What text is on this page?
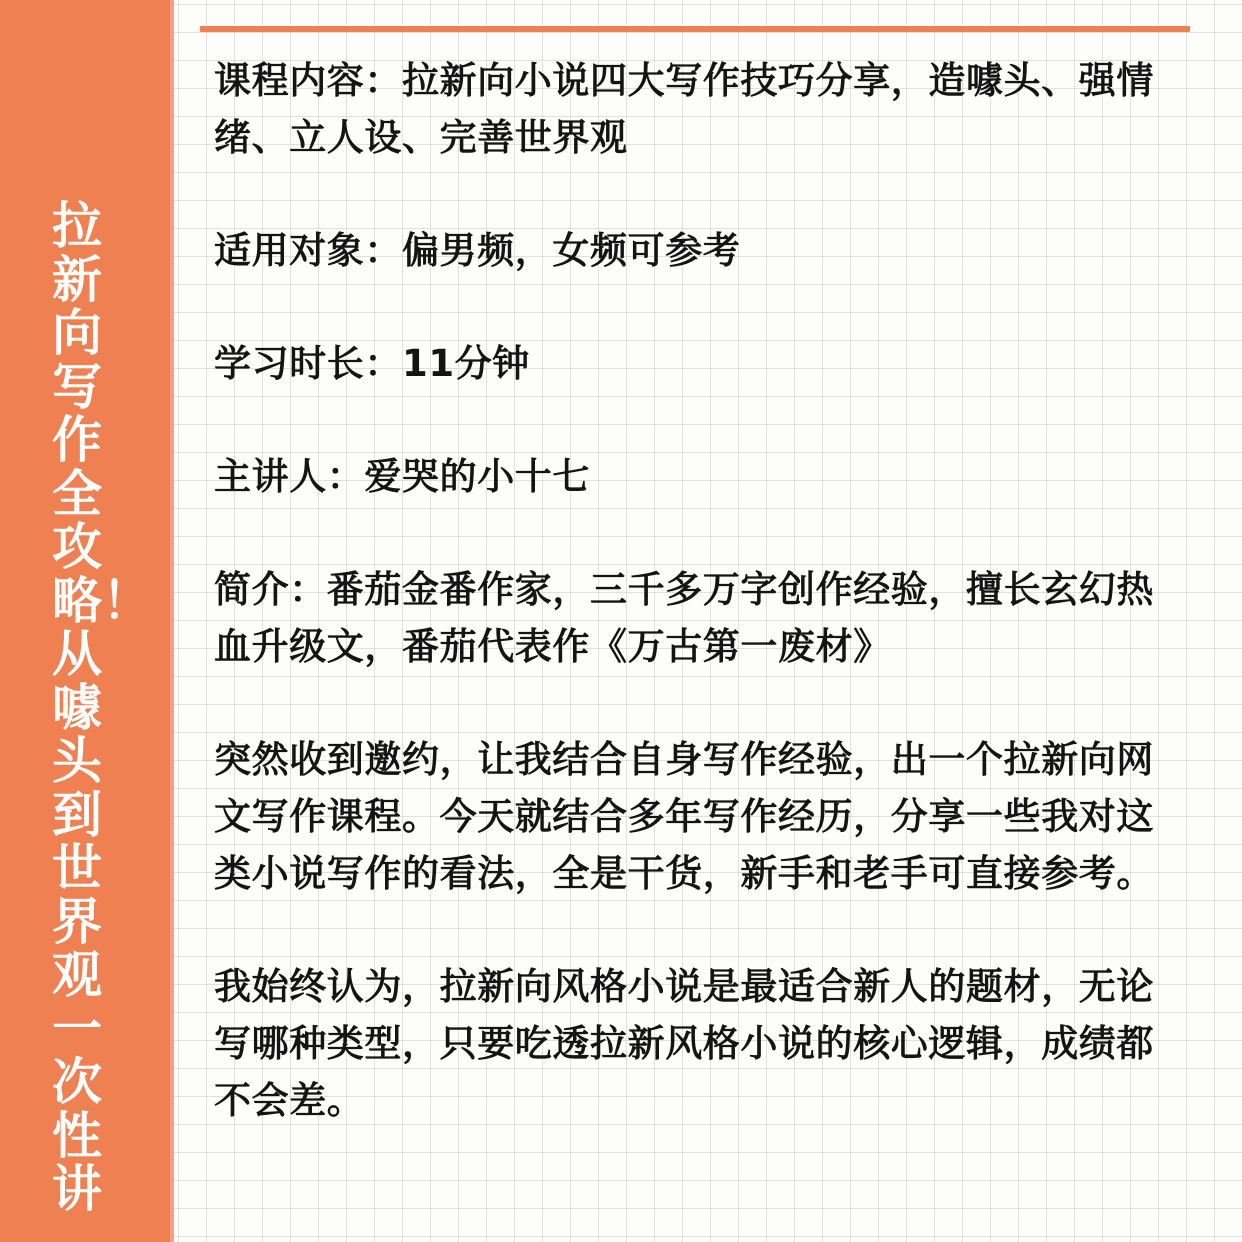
拉新向写作全攻略！从噱头到世界观一次性讲

课程内容：拉新向小说四大写作技巧分享，造噱头、强情绪、立人设、完善世界观

适用对象：偏男频，女频可参考

学习时长：11分钟

主讲人：爱哭的小十七

简介：番茄金番作家，三千多万字创作经验，擅长玄幻热血升级文，番茄代表作《万古第一废材》

突然收到邀约，让我结合自身写作经验，出一个拉新向网文写作课程。今天就结合多年写作经历，分享一些我对这类小说写作的看法，全是干货，新手和老手可直接参考。

我始终认为，拉新向风格小说是最适合新人的题材，无论写哪种类型，只要吃透拉新风格小说的核心逻辑，成绩都不会差。
